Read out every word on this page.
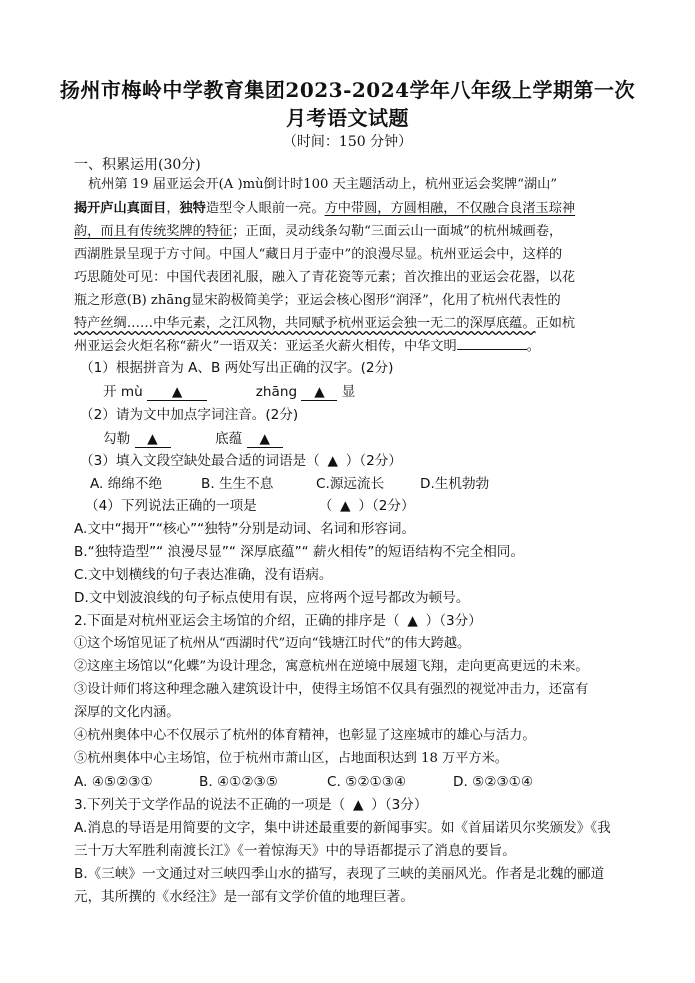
扬州市梅岭中学教育集团2023-2024学年八年级上学期第一次
月考语文试题
（时间：150 分钟）
一、积累运用(30分)
杭州第 19 届亚运会开(A )mù倒计时100 天主题活动上，杭州亚运会奖牌“湖山”
揭开庐山真面目，独特造型令人眼前一亮。方中带圆，方圆相融，不仅融合良渚玉琮神
韵，而且有传统奖牌的特征；正面，灵动线条勾勒“三面云山一面城”的杭州城画卷，
西湖胜景呈现于方寸间。中国人“藏日月于壶中”的浪漫尽显。杭州亚运会中，这样的
巧思随处可见：中国代表团礼服，融入了青花瓷等元素；首次推出的亚运会花器，以花
瓶之形意(B) zhāng显宋韵极简美学；亚运会核心图形“润泽”，化用了杭州代表性的
特产丝绸……中华元素，之江风物，共同赋予杭州亚运会独一无二的深厚底蕴。正如杭
州亚运会火炬名称“薪火”一语双关：亚运圣火薪火相传，中华文明	。
（1）根据拼音为 A、B 两处写出正确的汉字。(2分)
开 mù ▲	zhāng ▲ 显
（2）请为文中加点字词注音。(2分)
勾勒 ▲	底蕴 ▲
（3）填入文段空缺处最合适的词语是（ ▲ ）（2分）
A. 绵绵不绝	B. 生生不息	C.源远流长	D.生机勃勃
（4）下列说法正确的一项是	（ ▲ ）（2分）
A.文中“揭开”“核心”“独特”分别是动词、名词和形容词。
B.“独特造型”“ 浪漫尽显”“ 深厚底蕴”“ 薪火相传”的短语结构不完全相同。
C.文中划横线的句子表达准确，没有语病。
D.文中划波浪线的句子标点使用有误，应将两个逗号都改为顿号。
2.下面是对杭州亚运会主场馆的介绍，正确的排序是（ ▲ ）（3分）
①这个场馆见证了杭州从“西湖时代”迈向“钱塘江时代”的伟大跨越。
②这座主场馆以“化蝶”为设计理念，寓意杭州在逆境中展翅飞翔，走向更高更远的未来。
③设计师们将这种理念融入建筑设计中，使得主场馆不仅具有强烈的视觉冲击力，还富有
深厚的文化内涵。
④杭州奥体中心不仅展示了杭州的体育精神，也彰显了这座城市的雄心与活力。
⑤杭州奥体中心主场馆，位于杭州市萧山区，占地面积达到 18 万平方米。
A. ④⑤②③①	B. ④①②③⑤	C. ⑤②①③④	D. ⑤②③①④
3.下列关于文学作品的说法不正确的一项是（ ▲ ）（3分）
A.消息的导语是用简要的文字，集中讲述最重要的新闻事实。如《首届诺贝尔奖颁发》《我
三十万大军胜利南渡长江》《一着惊海天》中的导语都提示了消息的要旨。
B.《三峡》一文通过对三峡四季山水的描写，表现了三峡的美丽风光。作者是北魏的郦道
元，其所撰的《水经注》是一部有文学价值的地理巨著。
